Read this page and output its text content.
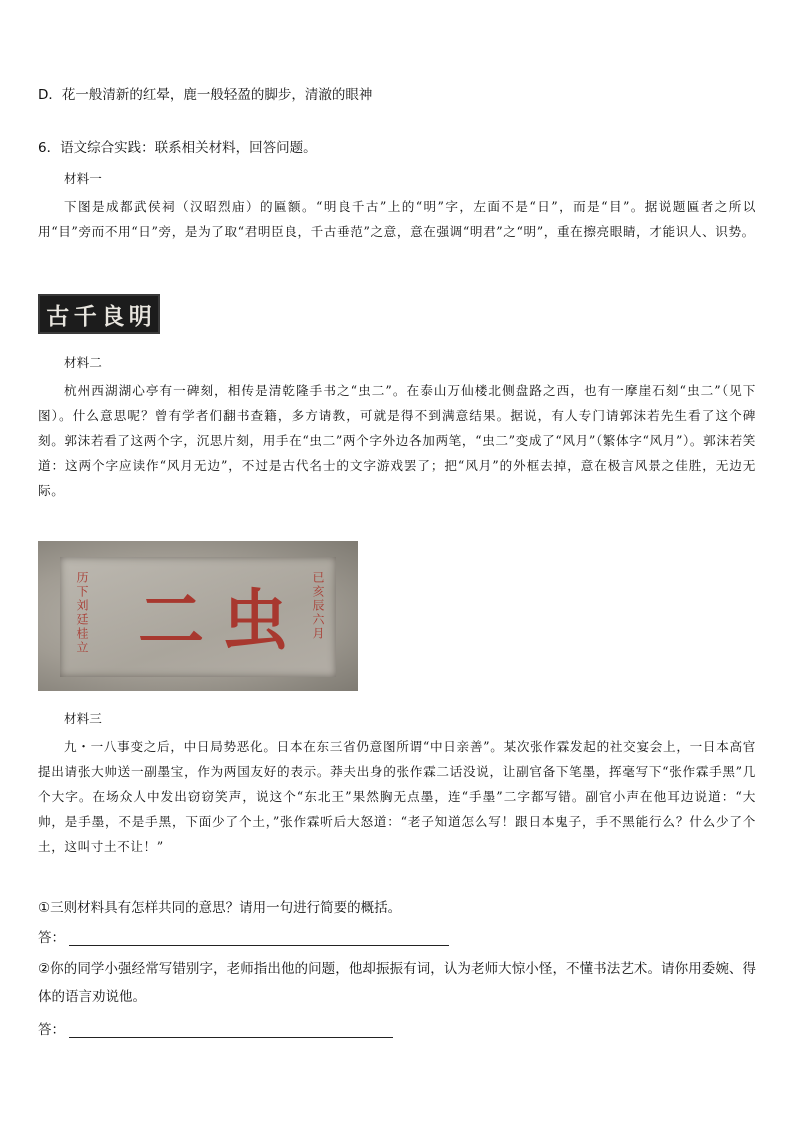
D．花一般清新的红晕，鹿一般轻盈的脚步，清澈的眼神
6．语文综合实践：联系相关材料，回答问题。
材料一

下图是成都武侯祠（汉昭烈庙）的匾额。“明良千古”上的“明”字，左面不是“日”，而是“目”。据说题匾者之所以用“目”旁而不用“日”旁，是为了取“君明臣良，千古垂范”之意，意在强调“明君”之“明”，重在擦亮眼睛，才能识人、识势。

古 千 良 明
材料二

杭州西湖湖心亭有一碑刻，相传是清乾隆手书之“虫二”。在泰山万仙楼北侧盘路之西，也有一摩崖石刻“虫二”（见下图）。什么意思呢？曾有学者们翻书查籍，多方请教，可就是得不到满意结果。据说，有人专门请郭沫若先生看了这个碑刻。郭沫若看了这两个字，沉思片刻，用手在“虫二”两个字外边各加两笔，“虫二”变成了“风月”（繁体字“风月”）。郭沫若笑道：这两个字应读作“风月无边”，不过是古代名士的文字游戏罢了；把“风月”的外框去掉，意在极言风景之佳胜，无边无际。

历下刘廷桂立 二 虫 已亥辰六月
材料三

九・一八事变之后，中日局势恶化。日本在东三省仍意图所谓“中日亲善”。某次张作霖发起的社交宴会上，一日本高官提出请张大帅送一副墨宝，作为两国友好的表示。莽夫出身的张作霖二话没说，让副官备下笔墨，挥毫写下“张作霖手黑”几个大字。在场众人中发出窃窃笑声，说这个“东北王”果然胸无点墨，连“手墨”二字都写错。副官小声在他耳边说道：“大帅，是手墨，不是手黑，下面少了个土，”张作霖听后大怒道：“老子知道怎么写！跟日本鬼子，手不黑能行么？什么少了个土，这叫寸土不让！”

①三则材料具有怎样共同的意思？请用一句进行简要的概括。
答：

②你的同学小强经常写错别字，老师指出他的问题，他却振振有词，认为老师大惊小怪，不懂书法艺术。请你用委婉、得体的语言劝说他。

答：
